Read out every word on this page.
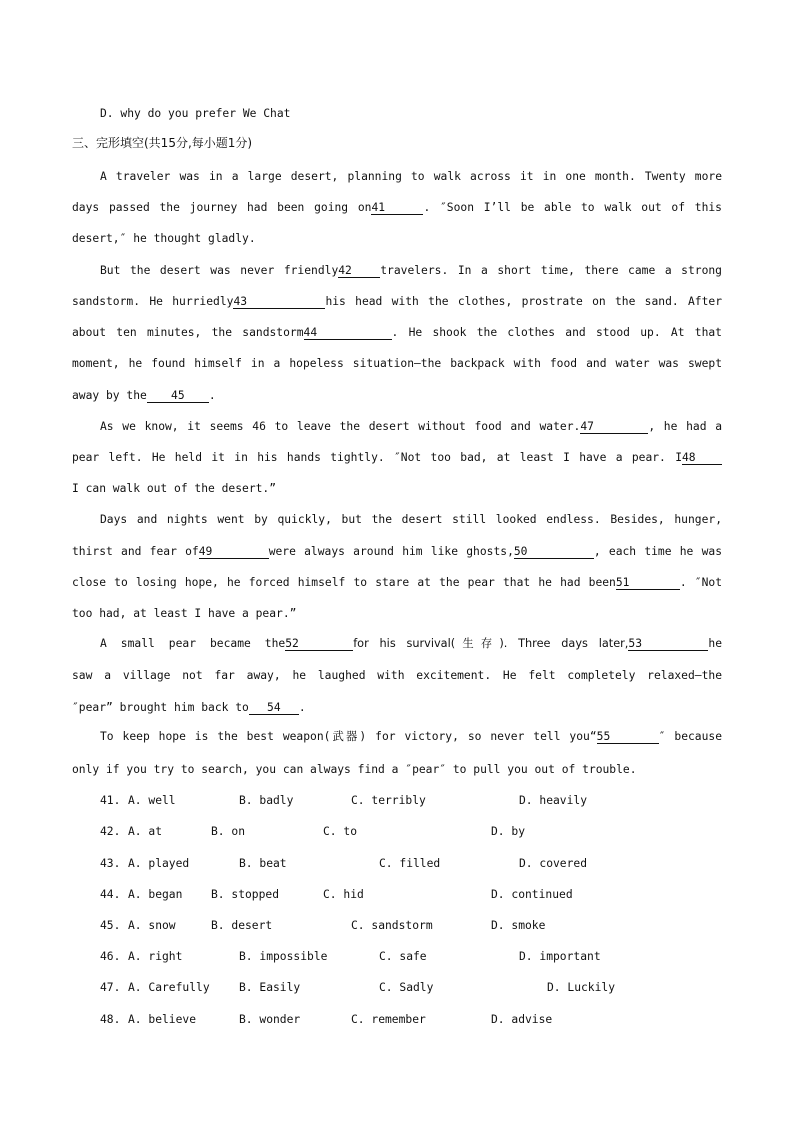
D. why do you prefer We Chat
三、完形填空(共15分,每小题1分)
A traveler was in a large desert, planning to walk across it in one month. Twenty more
days passed the journey had been going on41	. ″Soon I’ll be able to walk out of this
desert,″ he thought gladly.
But the desert was never friendly42	travelers. In a short time, there came a strong
sandstorm. He hurriedly43	his head with the clothes, prostrate on the sand. After
about ten minutes, the sandstorm44	. He shook the clothes and stood up. At that
moment, he found himself in a hopeless situation—the backpack with food and water was swept
away by the 45 .
As we know, it seems 46 to leave the desert without food and water.47	, he had a
pear left. He held it in his hands tightly. ″Not too bad, at least I have a pear. I48
I can walk out of the desert.”
Days and nights went by quickly, but the desert still looked endless. Besides, hunger,
thirst and fear of49	were always around him like ghosts,50	, each time he was
close to losing hope, he forced himself to stare at the pear that he had been51	. ″Not
too had, at least I have a pear.”
A small pear became the52	for his survival(生存). Three days later,53	he
saw a village not far away, he laughed with excitement. He felt completely relaxed—the
″pear” brought him back to 54 .
To keep hope is the best weapon(武器) for victory, so never tell you“55	″ because
only if you try to search, you can always find a ″pear″ to pull you out of trouble.
41. A. well	B. badly	C. terribly	D. heavily
42. A. at	B. on	C. to	D. by
43. A. played	B. beat	C. filled	D. covered
44. A. began	B. stopped	C. hid	D. continued
45. A. snow	B. desert	C. sandstorm	D. smoke
46. A. right	B. impossible	C. safe	D. important
47. A. Carefully	B. Easily	C. Sadly	D. Luckily
48. A. believe	B. wonder	C. remember	D. advise
